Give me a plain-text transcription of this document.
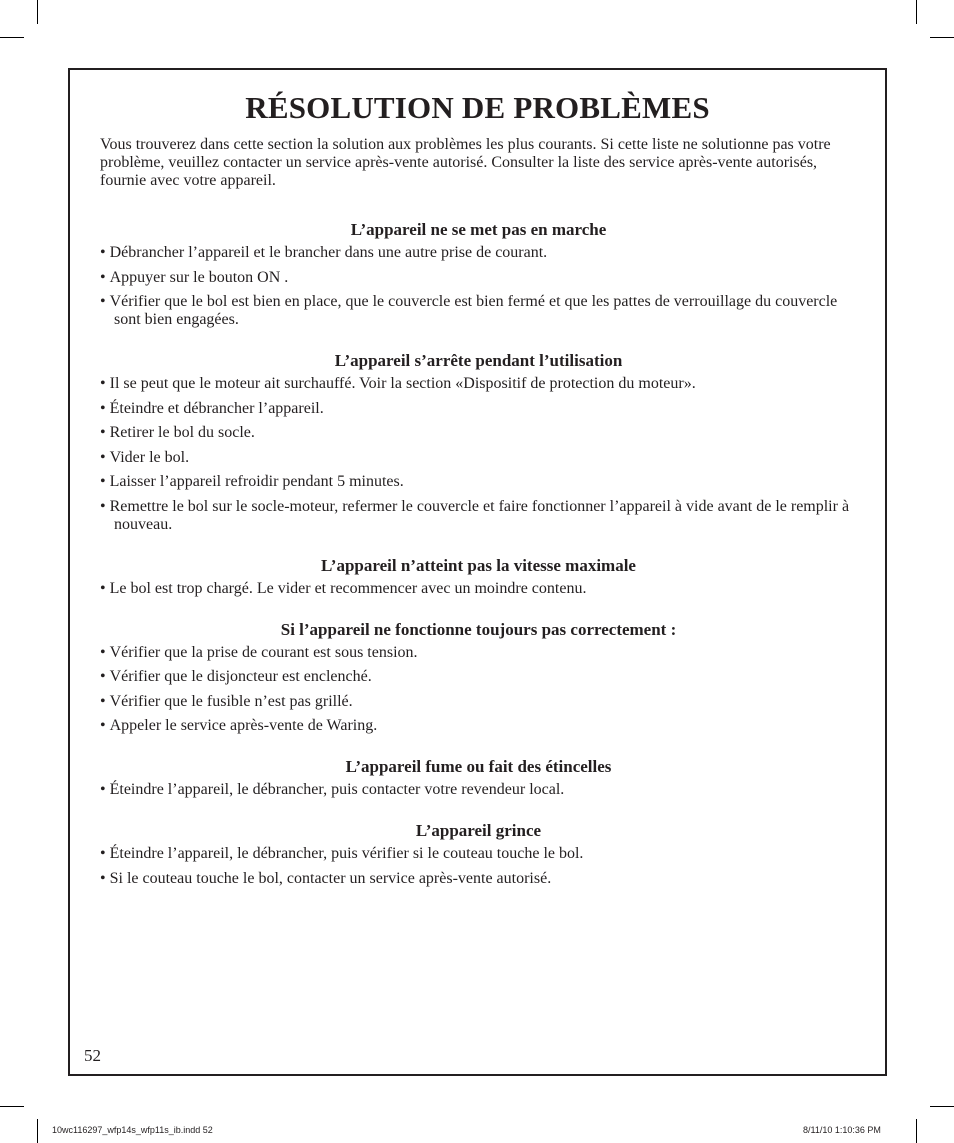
RÉSOLUTION DE PROBLÈMES

Vous trouverez dans cette section la solution aux problèmes les plus courants. Si cette liste ne solutionne pas votre problème, veuillez contacter un service après-vente autorisé. Consulter la liste des service après-vente autorisés, fournie avec votre appareil.

L’appareil ne se met pas en marche
• Débrancher l’appareil et le brancher dans une autre prise de courant.
• Appuyer sur le bouton ON .
• Vérifier que le bol est bien en place, que le couvercle est bien fermé et que les pattes de verrouillage du couvercle sont bien engagées.
L’appareil s’arrête pendant l’utilisation
• Il se peut que le moteur ait surchauffé. Voir la section «Dispositif de protection du moteur».
• Éteindre et débrancher l’appareil.
• Retirer le bol du socle.
• Vider le bol.
• Laisser l’appareil refroidir pendant 5 minutes.
• Remettre le bol sur le socle-moteur, refermer le couvercle et faire fonctionner l’appareil à vide avant de le remplir à nouveau.
L’appareil n’atteint pas la vitesse maximale
• Le bol est trop chargé. Le vider et recommencer avec un moindre contenu.
Si l’appareil ne fonctionne toujours pas correctement :
• Vérifier que la prise de courant est sous tension.
• Vérifier que le disjoncteur est enclenché.
• Vérifier que le fusible n’est pas grillé.
• Appeler le service après-vente de Waring.
L’appareil fume ou fait des étincelles
• Éteindre l’appareil, le débrancher, puis contacter votre revendeur local.
L’appareil grince
• Éteindre l’appareil, le débrancher, puis vérifier si le couteau touche le bol.
• Si le couteau touche le bol, contacter un service après-vente autorisé.
52
10wc116297_wfp14s_wfp11s_ib.indd 52	8/11/10 1:10:36 PM
